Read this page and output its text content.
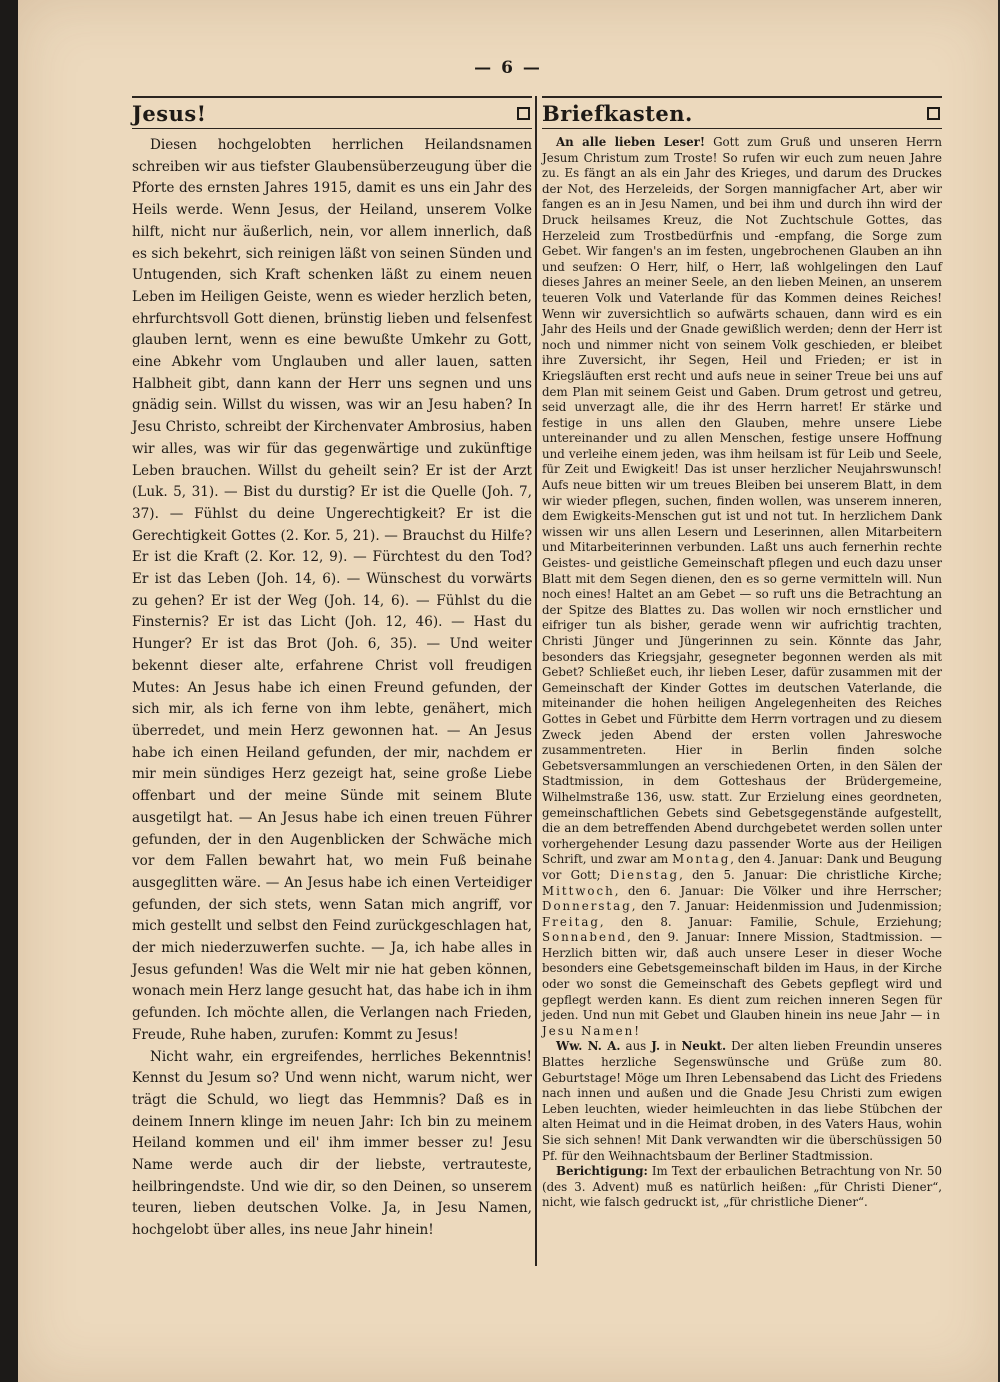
— 6 —
Jesus!

Diesen hochgelobten herrlichen Heilandsnamen schreiben wir aus tiefster Glaubensüberzeugung über die Pforte des ernsten Jahres 1915, damit es uns ein Jahr des Heils werde. Wenn Jesus, der Heiland, unserem Volke hilft, nicht nur äußerlich, nein, vor allem innerlich, daß es sich bekehrt, sich reinigen läßt von seinen Sünden und Untugenden, sich Kraft schenken läßt zu einem neuen Leben im Heiligen Geiste, wenn es wieder herzlich beten, ehrfurchtsvoll Gott dienen, brünstig lieben und felsenfest glauben lernt, wenn es eine bewußte Umkehr zu Gott, eine Abkehr vom Unglauben und aller lauen, satten Halbheit gibt, dann kann der Herr uns segnen und uns gnädig sein. Willst du wissen, was wir an Jesu haben? In Jesu Christo, schreibt der Kirchenvater Ambrosius, haben wir alles, was wir für das gegenwärtige und zukünftige Leben brauchen. Willst du geheilt sein? Er ist der Arzt (Luk. 5, 31). — Bist du durstig? Er ist die Quelle (Joh. 7, 37). — Fühlst du deine Ungerechtigkeit? Er ist die Gerechtigkeit Gottes (2. Kor. 5, 21). — Brauchst du Hilfe? Er ist die Kraft (2. Kor. 12, 9). — Fürchtest du den Tod? Er ist das Leben (Joh. 14, 6). — Wünschest du vorwärts zu gehen? Er ist der Weg (Joh. 14, 6). — Fühlst du die Finsternis? Er ist das Licht (Joh. 12, 46). — Hast du Hunger? Er ist das Brot (Joh. 6, 35). — Und weiter bekennt dieser alte, erfahrene Christ voll freudigen Mutes: An Jesus habe ich einen Freund gefunden, der sich mir, als ich ferne von ihm lebte, genähert, mich überredet, und mein Herz gewonnen hat. — An Jesus habe ich einen Heiland gefunden, der mir, nachdem er mir mein sündiges Herz gezeigt hat, seine große Liebe offenbart und der meine Sünde mit seinem Blute ausgetilgt hat. — An Jesus habe ich einen treuen Führer gefunden, der in den Augenblicken der Schwäche mich vor dem Fallen bewahrt hat, wo mein Fuß beinahe ausgeglitten wäre. — An Jesus habe ich einen Verteidiger gefunden, der sich stets, wenn Satan mich angriff, vor mich gestellt und selbst den Feind zurückgeschlagen hat, der mich niederzuwerfen suchte. — Ja, ich habe alles in Jesus gefunden! Was die Welt mir nie hat geben können, wonach mein Herz lange gesucht hat, das habe ich in ihm gefunden. Ich möchte allen, die Verlangen nach Frieden, Freude, Ruhe haben, zurufen: Kommt zu Jesus!

Nicht wahr, ein ergreifendes, herrliches Bekenntnis! Kennst du Jesum so? Und wenn nicht, warum nicht, wer trägt die Schuld, wo liegt das Hemmnis? Daß es in deinem Innern klinge im neuen Jahr: Ich bin zu meinem Heiland kommen und eil' ihm immer besser zu! Jesu Name werde auch dir der liebste, vertrauteste, heilbringendste. Und wie dir, so den Deinen, so unserem teuren, lieben deutschen Volke. Ja, in Jesu Namen, hochgelobt über alles, ins neue Jahr hinein!

Briefkasten.

An alle lieben Leser! Gott zum Gruß und unseren Herrn Jesum Christum zum Troste! So rufen wir euch zum neuen Jahre zu. Es fängt an als ein Jahr des Krieges, und darum des Druckes der Not, des Herzeleids, der Sorgen mannigfacher Art, aber wir fangen es an in Jesu Namen, und bei ihm und durch ihn wird der Druck heilsames Kreuz, die Not Zuchtschule Gottes, das Herzeleid zum Trostbedürfnis und -empfang, die Sorge zum Gebet. Wir fangen's an im festen, ungebrochenen Glauben an ihn und seufzen: O Herr, hilf, o Herr, laß wohlgelingen den Lauf dieses Jahres an meiner Seele, an den lieben Meinen, an unserem teueren Volk und Vaterlande für das Kommen deines Reiches! Wenn wir zuversichtlich so aufwärts schauen, dann wird es ein Jahr des Heils und der Gnade gewißlich werden; denn der Herr ist noch und nimmer nicht von seinem Volk geschieden, er bleibet ihre Zuversicht, ihr Segen, Heil und Frieden; er ist in Kriegsläuften erst recht und aufs neue in seiner Treue bei uns auf dem Plan mit seinem Geist und Gaben. Drum getrost und getreu, seid unverzagt alle, die ihr des Herrn harret! Er stärke und festige in uns allen den Glauben, mehre unsere Liebe untereinander und zu allen Menschen, festige unsere Hoffnung und verleihe einem jeden, was ihm heilsam ist für Leib und Seele, für Zeit und Ewigkeit! Das ist unser herzlicher Neujahrswunsch! Aufs neue bitten wir um treues Bleiben bei unserem Blatt, in dem wir wieder pflegen, suchen, finden wollen, was unserem inneren, dem Ewigkeits-Menschen gut ist und not tut. In herzlichem Dank wissen wir uns allen Lesern und Leserinnen, allen Mitarbeitern und Mitarbeiterinnen verbunden. Laßt uns auch fernerhin rechte Geistes- und geistliche Gemeinschaft pflegen und euch dazu unser Blatt mit dem Segen dienen, den es so gerne vermitteln will. Nun noch eines! Haltet an am Gebet — so ruft uns die Betrachtung an der Spitze des Blattes zu. Das wollen wir noch ernstlicher und eifriger tun als bisher, gerade wenn wir aufrichtig trachten, Christi Jünger und Jüngerinnen zu sein. Könnte das Jahr, besonders das Kriegsjahr, gesegneter begonnen werden als mit Gebet? Schließet euch, ihr lieben Leser, dafür zusammen mit der Gemeinschaft der Kinder Gottes im deutschen Vaterlande, die miteinander die hohen heiligen Angelegenheiten des Reiches Gottes in Gebet und Fürbitte dem Herrn vortragen und zu diesem Zweck jeden Abend der ersten vollen Jahreswoche zusammentreten. Hier in Berlin finden solche Gebetsversammlungen an verschiedenen Orten, in den Sälen der Stadtmission, in dem Gotteshaus der Brüdergemeine, Wilhelmstraße 136, usw. statt. Zur Erzielung eines geordneten, gemeinschaftlichen Gebets sind Gebetsgegenstände aufgestellt, die an dem betreffenden Abend durchgebetet werden sollen unter vorhergehender Lesung dazu passender Worte aus der Heiligen Schrift, und zwar am Montag, den 4. Januar: Dank und Beugung vor Gott; Dienstag, den 5. Januar: Die christliche Kirche; Mittwoch, den 6. Januar: Die Völker und ihre Herrscher; Donnerstag, den 7. Januar: Heidenmission und Judenmission; Freitag, den 8. Januar: Familie, Schule, Erziehung; Sonnabend, den 9. Januar: Innere Mission, Stadtmission. — Herzlich bitten wir, daß auch unsere Leser in dieser Woche besonders eine Gebetsgemeinschaft bilden im Haus, in der Kirche oder wo sonst die Gemeinschaft des Gebets gepflegt wird und gepflegt werden kann. Es dient zum reichen inneren Segen für jeden. Und nun mit Gebet und Glauben hinein ins neue Jahr — in Jesu Namen!

Ww. N. A. aus J. in Neukt. Der alten lieben Freundin unseres Blattes herzliche Segenswünsche und Grüße zum 80. Geburtstage! Möge um Ihren Lebensabend das Licht des Friedens nach innen und außen und die Gnade Jesu Christi zum ewigen Leben leuchten, wieder heimleuchten in das liebe Stübchen der alten Heimat und in die Heimat droben, in des Vaters Haus, wohin Sie sich sehnen! Mit Dank verwandten wir die überschüssigen 50 Pf. für den Weihnachtsbaum der Berliner Stadtmission.

Berichtigung: Im Text der erbaulichen Betrachtung von Nr. 50 (des 3. Advent) muß es natürlich heißen: „für Christi Diener“, nicht, wie falsch gedruckt ist, „für christliche Diener“.
